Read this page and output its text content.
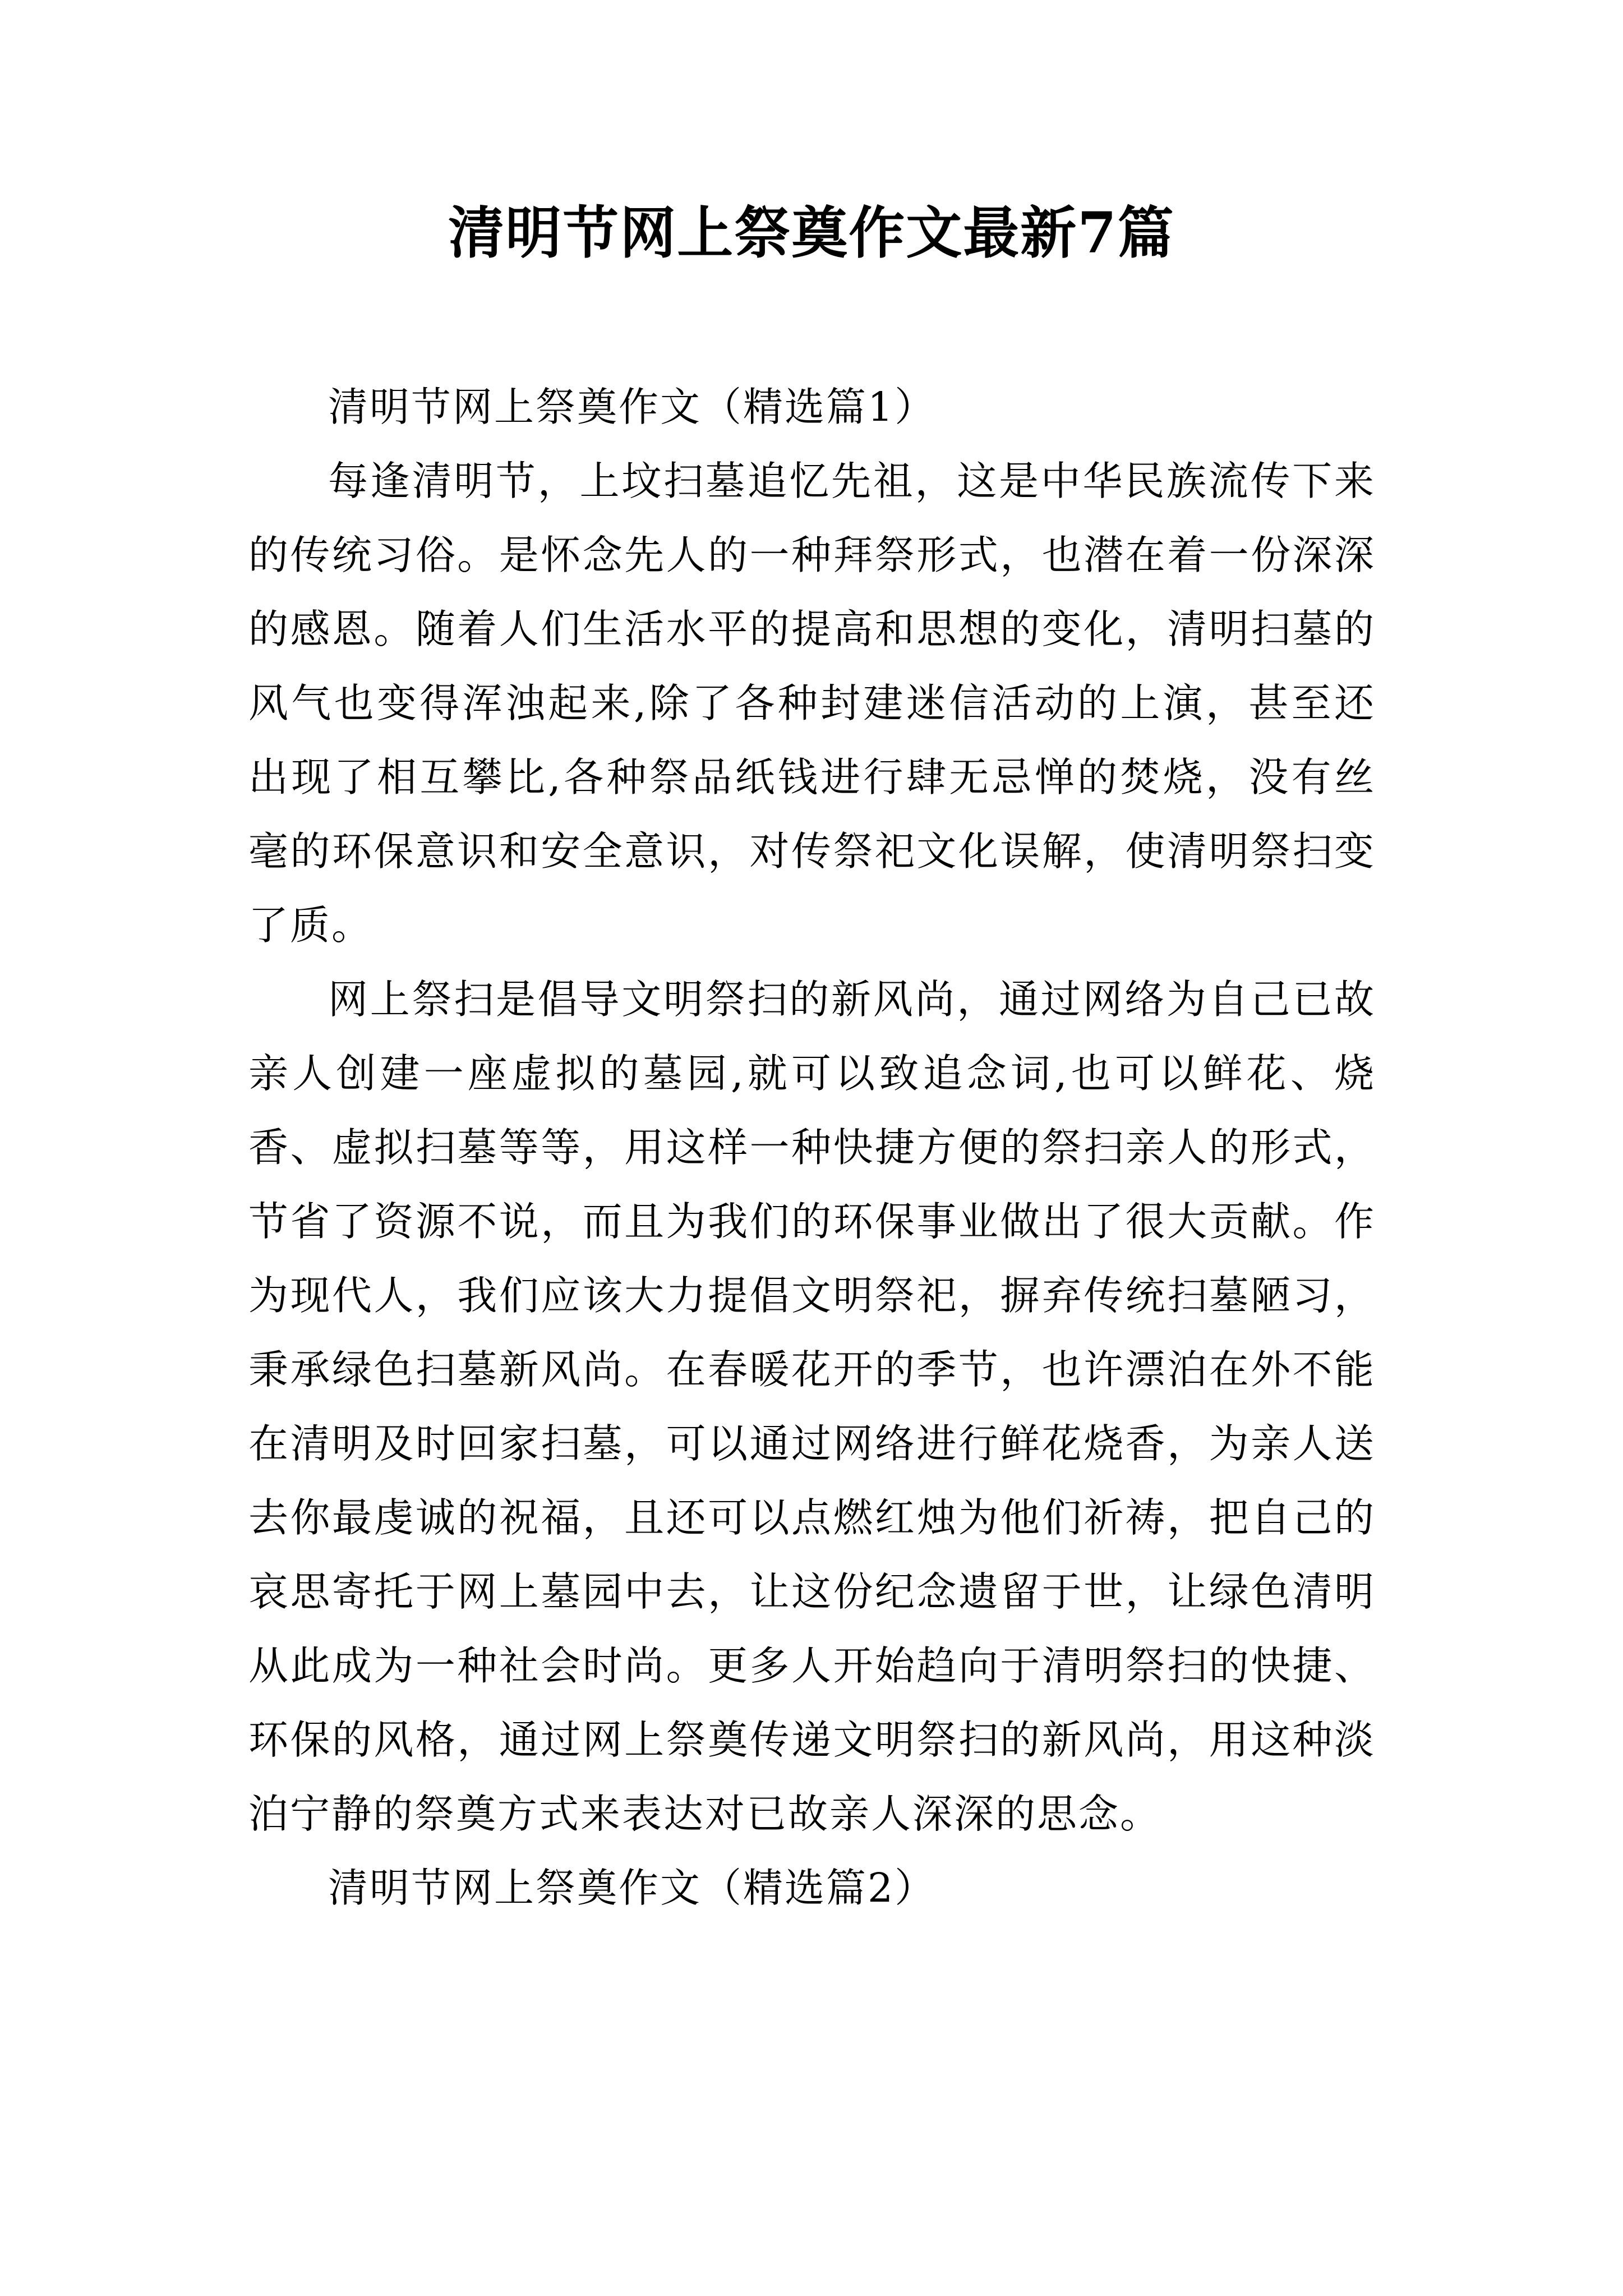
清明节网上祭奠作文最新7篇

清明节网上祭奠作文（精选篇1）

每逢清明节，上坟扫墓追忆先祖，这是中华民族流传下来的传统习俗。是怀念先人的一种拜祭形式，也潜在着一份深深的感恩。随着人们生活水平的提高和思想的变化，清明扫墓的风气也变得浑浊起来,除了各种封建迷信活动的上演，甚至还出现了相互攀比,各种祭品纸钱进行肆无忌惮的焚烧，没有丝毫的环保意识和安全意识，对传祭祀文化误解，使清明祭扫变了质。

网上祭扫是倡导文明祭扫的新风尚，通过网络为自己已故亲人创建一座虚拟的墓园,就可以致追念词,也可以鲜花、烧香、虚拟扫墓等等，用这样一种快捷方便的祭扫亲人的形式，节省了资源不说，而且为我们的环保事业做出了很大贡献。作为现代人，我们应该大力提倡文明祭祀，摒弃传统扫墓陋习，秉承绿色扫墓新风尚。在春暖花开的季节，也许漂泊在外不能在清明及时回家扫墓，可以通过网络进行鲜花烧香，为亲人送去你最虔诚的祝福，且还可以点燃红烛为他们祈祷，把自己的哀思寄托于网上墓园中去，让这份纪念遗留于世，让绿色清明从此成为一种社会时尚。更多人开始趋向于清明祭扫的快捷、环保的风格，通过网上祭奠传递文明祭扫的新风尚，用这种淡泊宁静的祭奠方式来表达对已故亲人深深的思念。

清明节网上祭奠作文（精选篇2）
